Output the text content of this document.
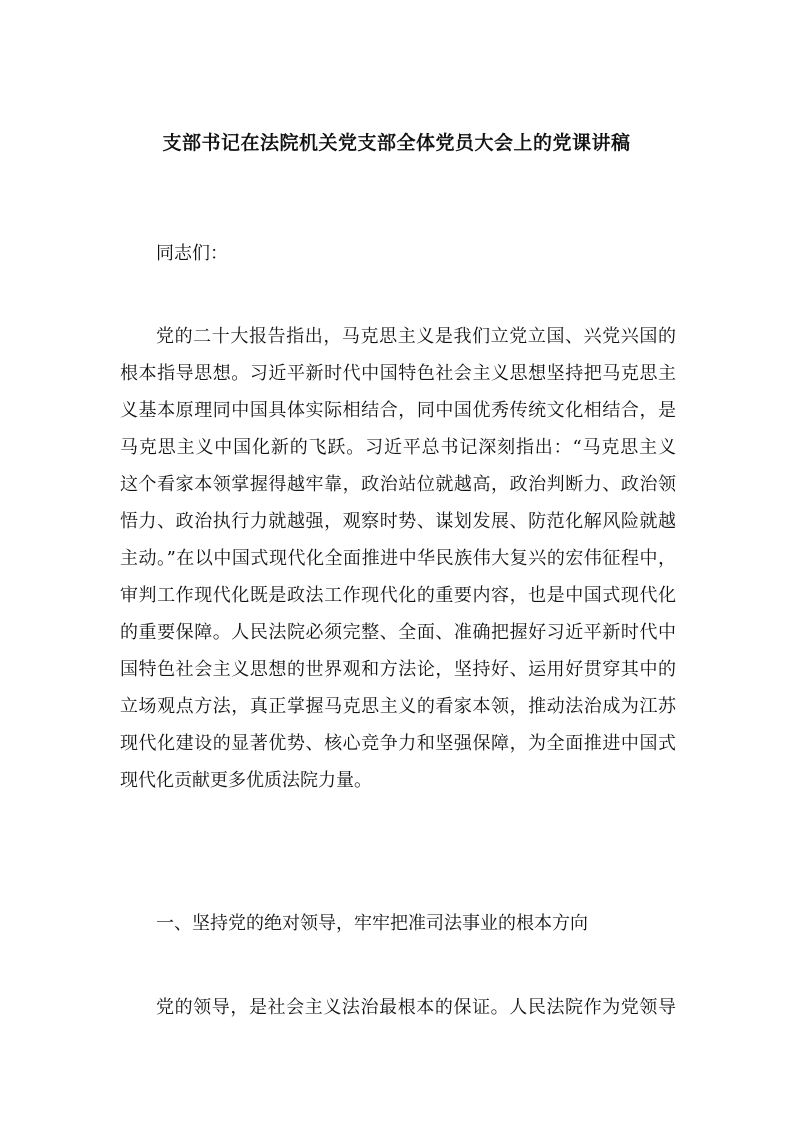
支部书记在法院机关党支部全体党员大会上的党课讲稿
同志们：
党的二十大报告指出，马克思主义是我们立党立国、兴党兴国的
根本指导思想。习近平新时代中国特色社会主义思想坚持把马克思主
义基本原理同中国具体实际相结合，同中国优秀传统文化相结合，是
马克思主义中国化新的飞跃。习近平总书记深刻指出：“马克思主义
这个看家本领掌握得越牢靠，政治站位就越高，政治判断力、政治领
悟力、政治执行力就越强，观察时势、谋划发展、防范化解风险就越
主动。”在以中国式现代化全面推进中华民族伟大复兴的宏伟征程中，
审判工作现代化既是政法工作现代化的重要内容，也是中国式现代化
的重要保障。人民法院必须完整、全面、准确把握好习近平新时代中
国特色社会主义思想的世界观和方法论，坚持好、运用好贯穿其中的
立场观点方法，真正掌握马克思主义的看家本领，推动法治成为江苏
现代化建设的显著优势、核心竞争力和坚强保障，为全面推进中国式
现代化贡献更多优质法院力量。
一、坚持党的绝对领导，牢牢把准司法事业的根本方向
党的领导，是社会主义法治最根本的保证。人民法院作为党领导
